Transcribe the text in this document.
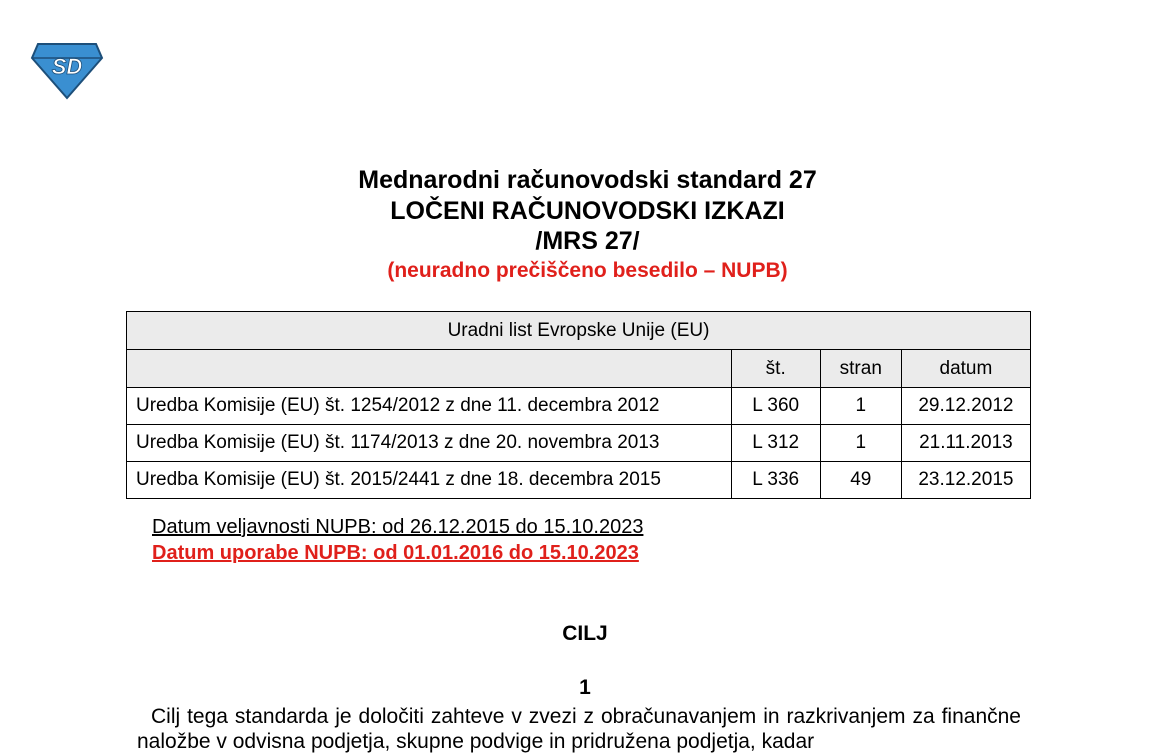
SD
Mednarodni računovodski standard 27
LOČENI RAČUNOVODSKI IZKAZI
/MRS 27/
(neuradno prečiščeno besedilo – NUPB)
Uradni list Evropske Unije (EU)			
	št.	stran	datum
Uredba Komisije (EU) št. 1254/2012 z dne 11. decembra 2012	L 360	1	29.12.2012
Uredba Komisije (EU) št. 1174/2013 z dne 20. novembra 2013	L 312	1	21.11.2013
Uredba Komisije (EU) št. 2015/2441 z dne 18. decembra 2015	L 336	49	23.12.2015
Datum veljavnosti NUPB: od 26.12.2015 do 15.10.2023
Datum uporabe NUPB: od 01.01.2016 do 15.10.2023
CILJ
1
Cilj tega standarda je določiti zahteve v zvezi z obračunavanjem in razkrivanjem za finančne naložbe v odvisna podjetja, skupne podvige in pridružena podjetja, kadar
